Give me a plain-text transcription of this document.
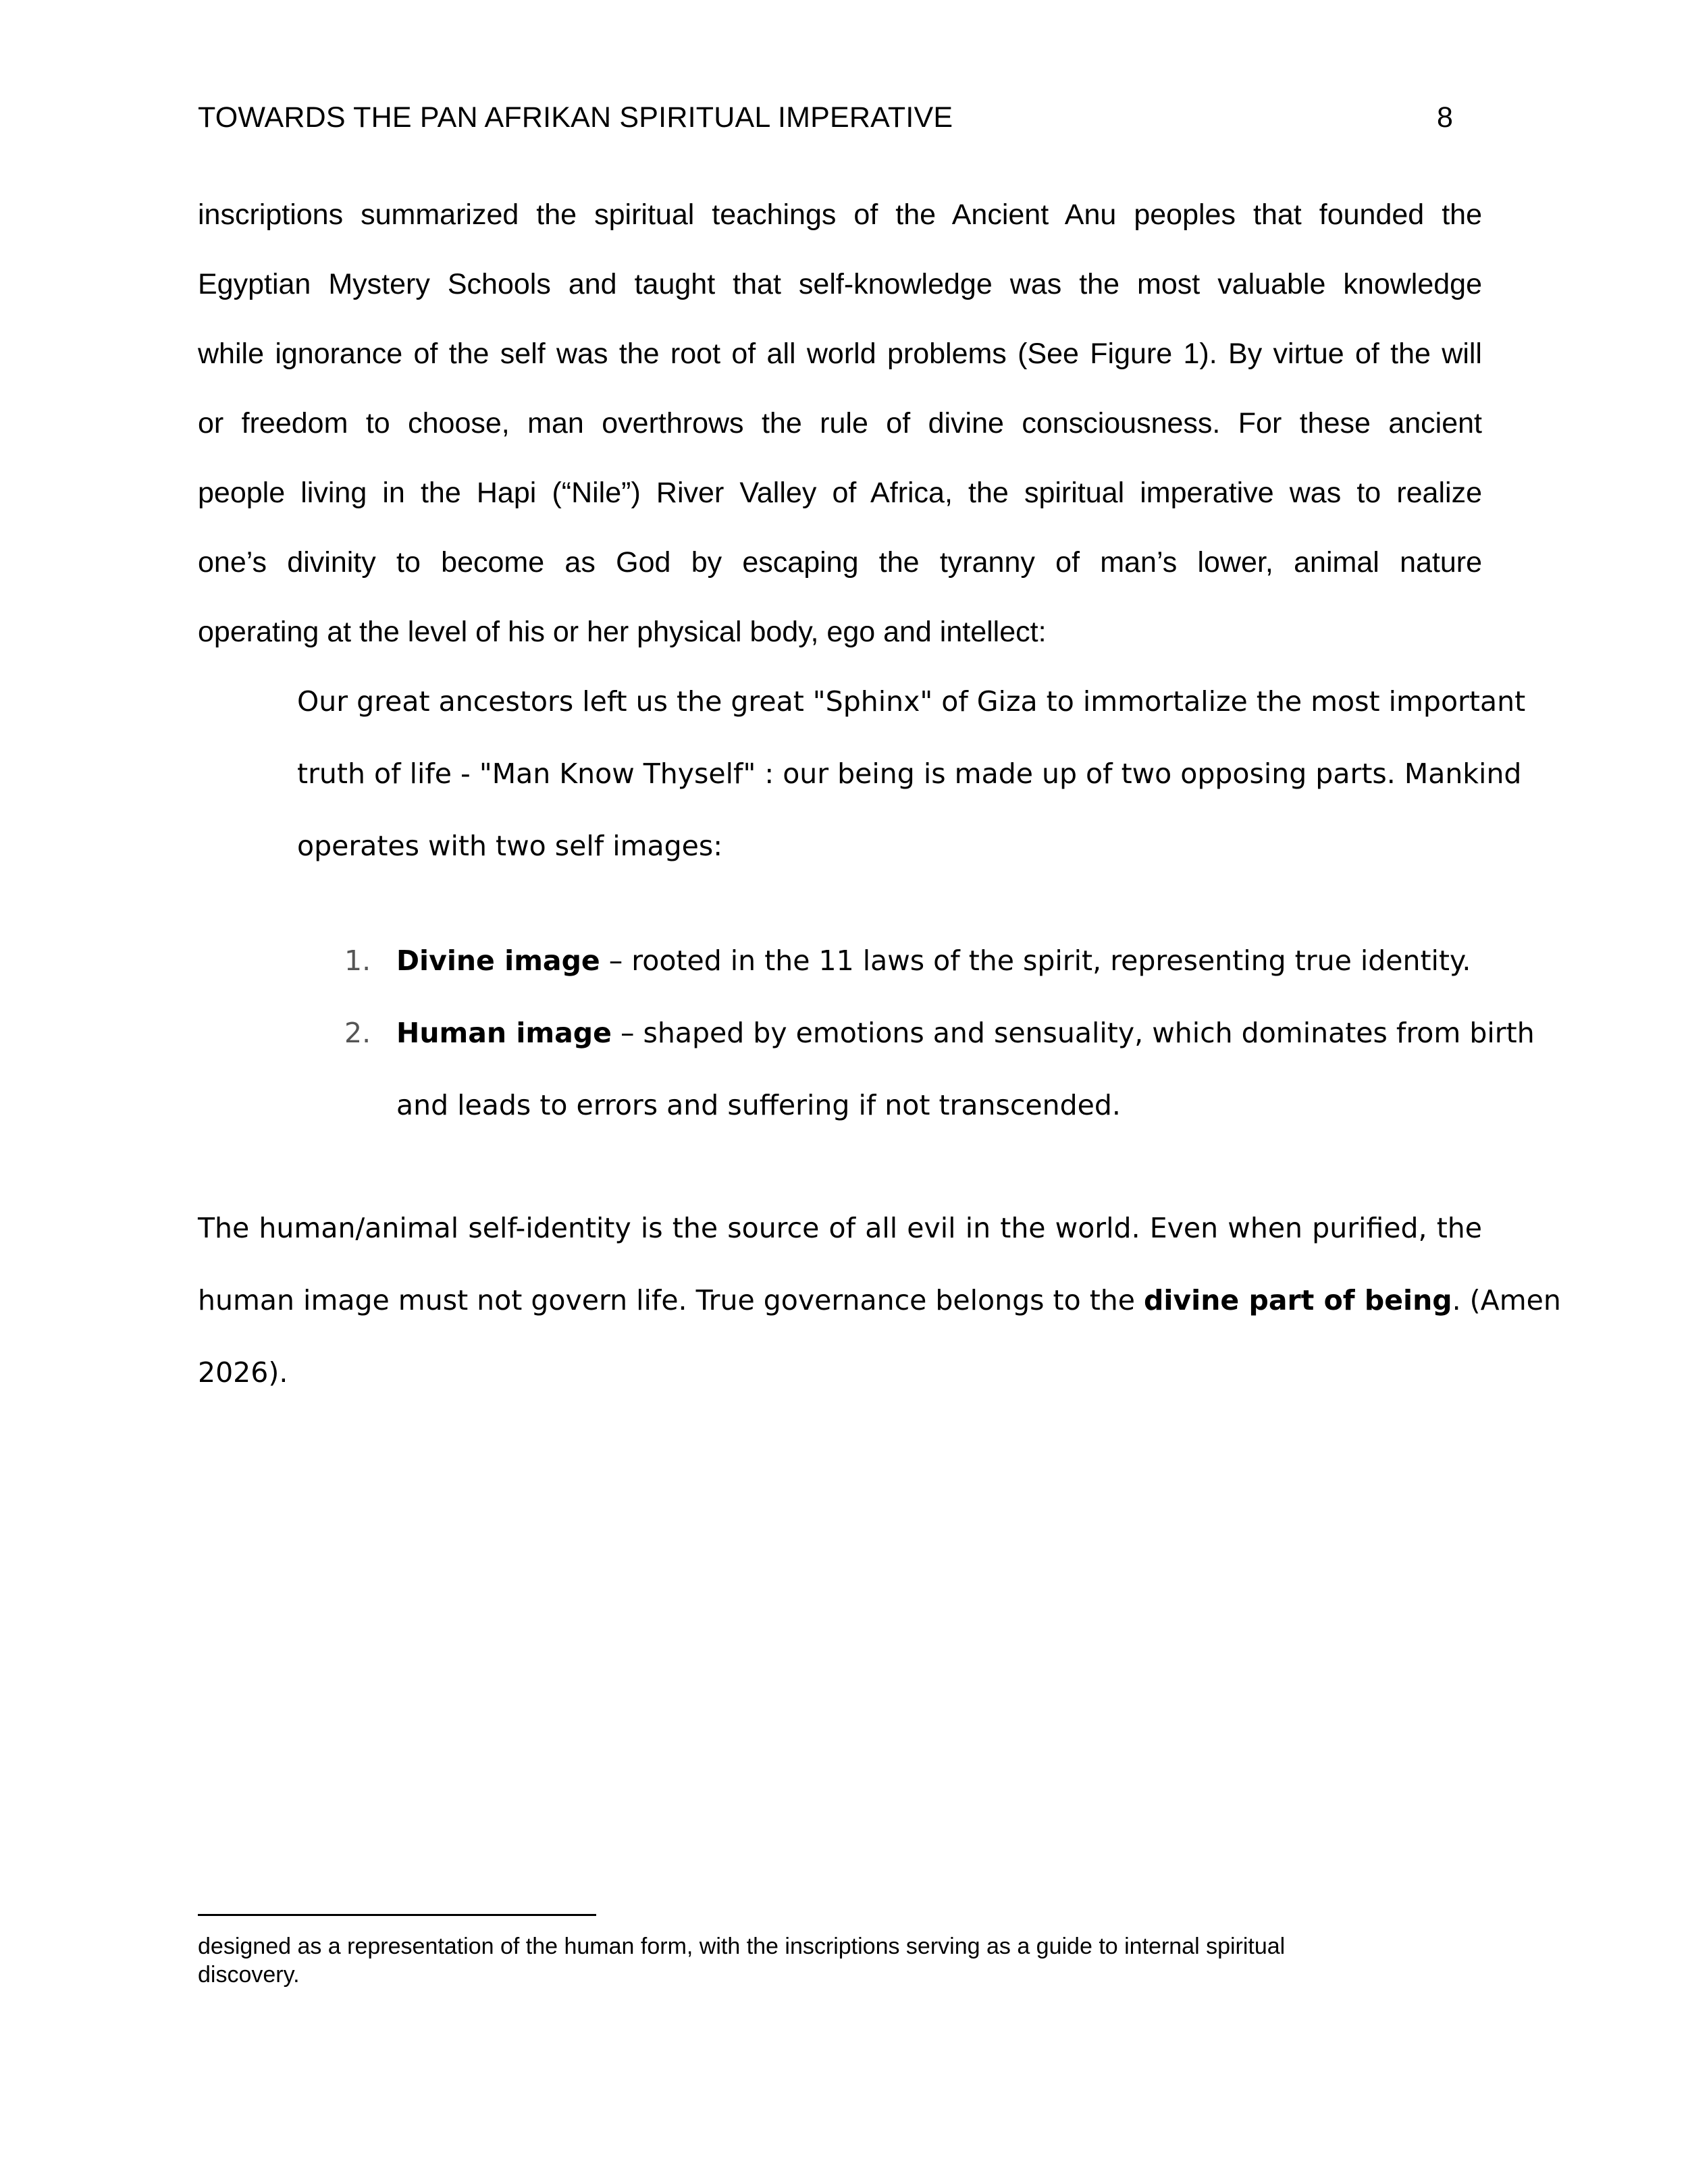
TOWARDS THE PAN AFRIKAN SPIRITUAL IMPERATIVE	8
inscriptions summarized the spiritual teachings of the Ancient Anu peoples that founded the
Egyptian Mystery Schools and taught that self-knowledge was the most valuable knowledge
while ignorance of the self was the root of all world problems (See Figure 1). By virtue of the will
or freedom to choose, man overthrows the rule of divine consciousness. For these ancient
people living in the Hapi (“Nile”) River Valley of Africa, the spiritual imperative was to realize
one’s divinity to become as God by escaping the tyranny of man’s lower, animal nature
operating at the level of his or her physical body, ego and intellect:
Our great ancestors left us the great "Sphinx" of Giza to immortalize the most important
truth of life - "Man Know Thyself" : our being is made up of two opposing parts. Mankind
operates with two self images:
1. Divine image – rooted in the 11 laws of the spirit, representing true identity.
2. Human image – shaped by emotions and sensuality, which dominates from birth
and leads to errors and suffering if not transcended.
The human/animal self-identity is the source of all evil in the world. Even when purified, the
human image must not govern life. True governance belongs to the divine part of being. (Amen
2026).
designed as a representation of the human form, with the inscriptions serving as a guide to internal spiritual
discovery.
